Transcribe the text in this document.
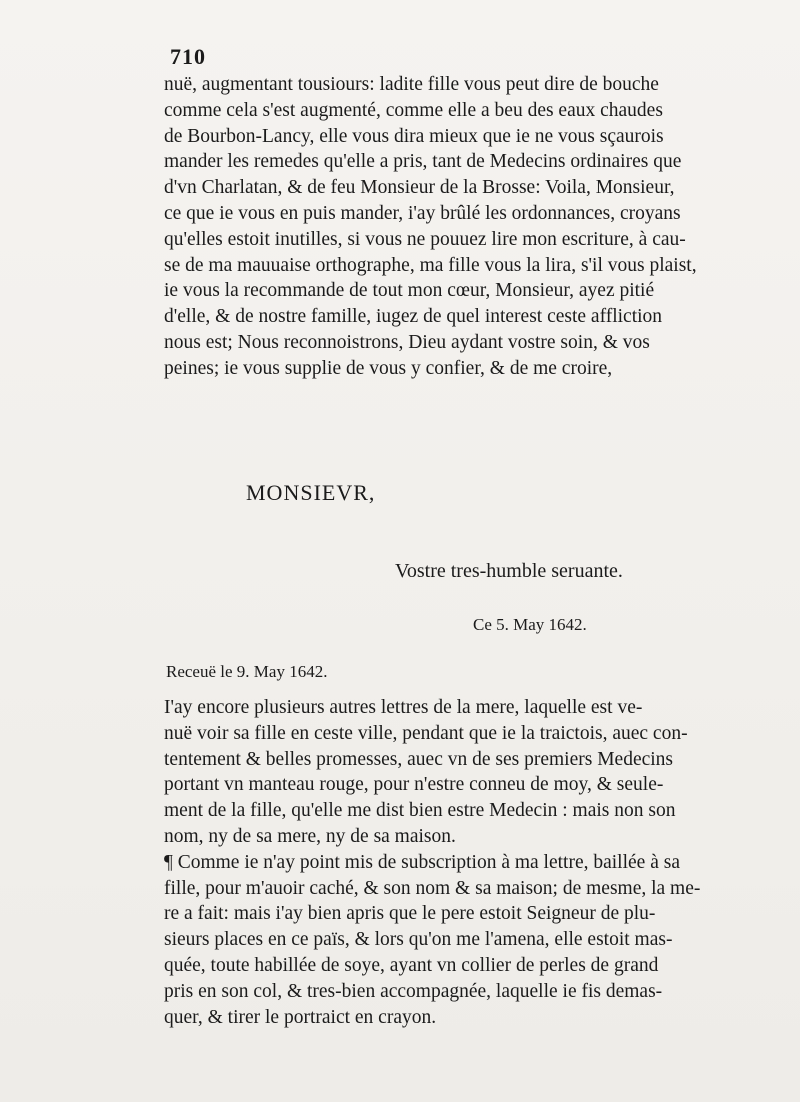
710
nuë, augmentant tousiours: ladite fille vous peut dire de bouche
comme cela s'est augmenté, comme elle a beu des eaux chaudes
de Bourbon-Lancy, elle vous dira mieux que ie ne vous sçaurois
mander les remedes qu'elle a pris, tant de Medecins ordinaires que
d'vn Charlatan, & de feu Monsieur de la Brosse: Voila, Monsieur,
ce que ie vous en puis mander, i'ay brûlé les ordonnances, croyans
qu'elles estoit inutilles, si vous ne pouuez lire mon escriture, à cau-
se de ma mauuaise orthographe, ma fille vous la lira, s'il vous plaist,
ie vous la recommande de tout mon cœur, Monsieur, ayez pitié
d'elle, & de nostre famille, iugez de quel interest ceste affliction
nous est; Nous reconnoistrons, Dieu aydant vostre soin, & vos
peines; ie vous supplie de vous y confier, & de me croire,
MONSIEVR,
Vostre tres-humble seruante.
Ce 5. May 1642.
Receuë le 9. May 1642.
I'ay encore plusieurs autres lettres de la mere, laquelle est ve-
nuë voir sa fille en ceste ville, pendant que ie la traictois, auec con-
tentement & belles promesses, auec vn de ses premiers Medecins
portant vn manteau rouge, pour n'estre conneu de moy, & seule-
ment de la fille, qu'elle me dist bien estre Medecin : mais non son
nom, ny de sa mere, ny de sa maison.
¶ Comme ie n'ay point mis de subscription à ma lettre, baillée à sa
fille, pour m'auoir caché, & son nom & sa maison; de mesme, la me-
re a fait: mais i'ay bien apris que le pere estoit Seigneur de plu-
sieurs places en ce païs, & lors qu'on me l'amena, elle estoit mas-
quée, toute habillée de soye, ayant vn collier de perles de grand
pris en son col, & tres-bien accompagnée, laquelle ie fis demas-
quer, & tirer le portraict en crayon.
